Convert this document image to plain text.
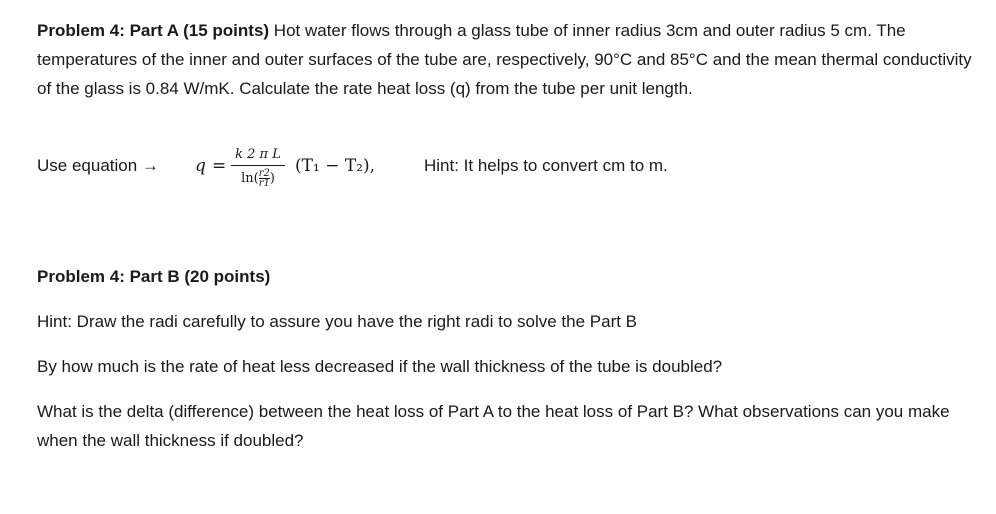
Problem 4: Part A (15 points) Hot water flows through a glass tube of inner radius 3cm and outer radius 5 cm. The temperatures of the inner and outer surfaces of the tube are, respectively, 90°C and 85°C and the mean thermal conductivity of the glass is 0.84 W/mK. Calculate the rate heat loss (q) from the tube per unit length.

Use equation → q =
k 2 π L
$\ln(\frac{r2}{r1})$
(T₁ − T₂),	Hint: It helps to convert cm to m.

Problem 4: Part B (20 points)

Hint: Draw the radi carefully to assure you have the right radi to solve the Part B

By how much is the rate of heat less decreased if the wall thickness of the tube is doubled?

What is the delta (difference) between the heat loss of Part A to the heat loss of Part B? What observations can you make when the wall thickness if doubled?
